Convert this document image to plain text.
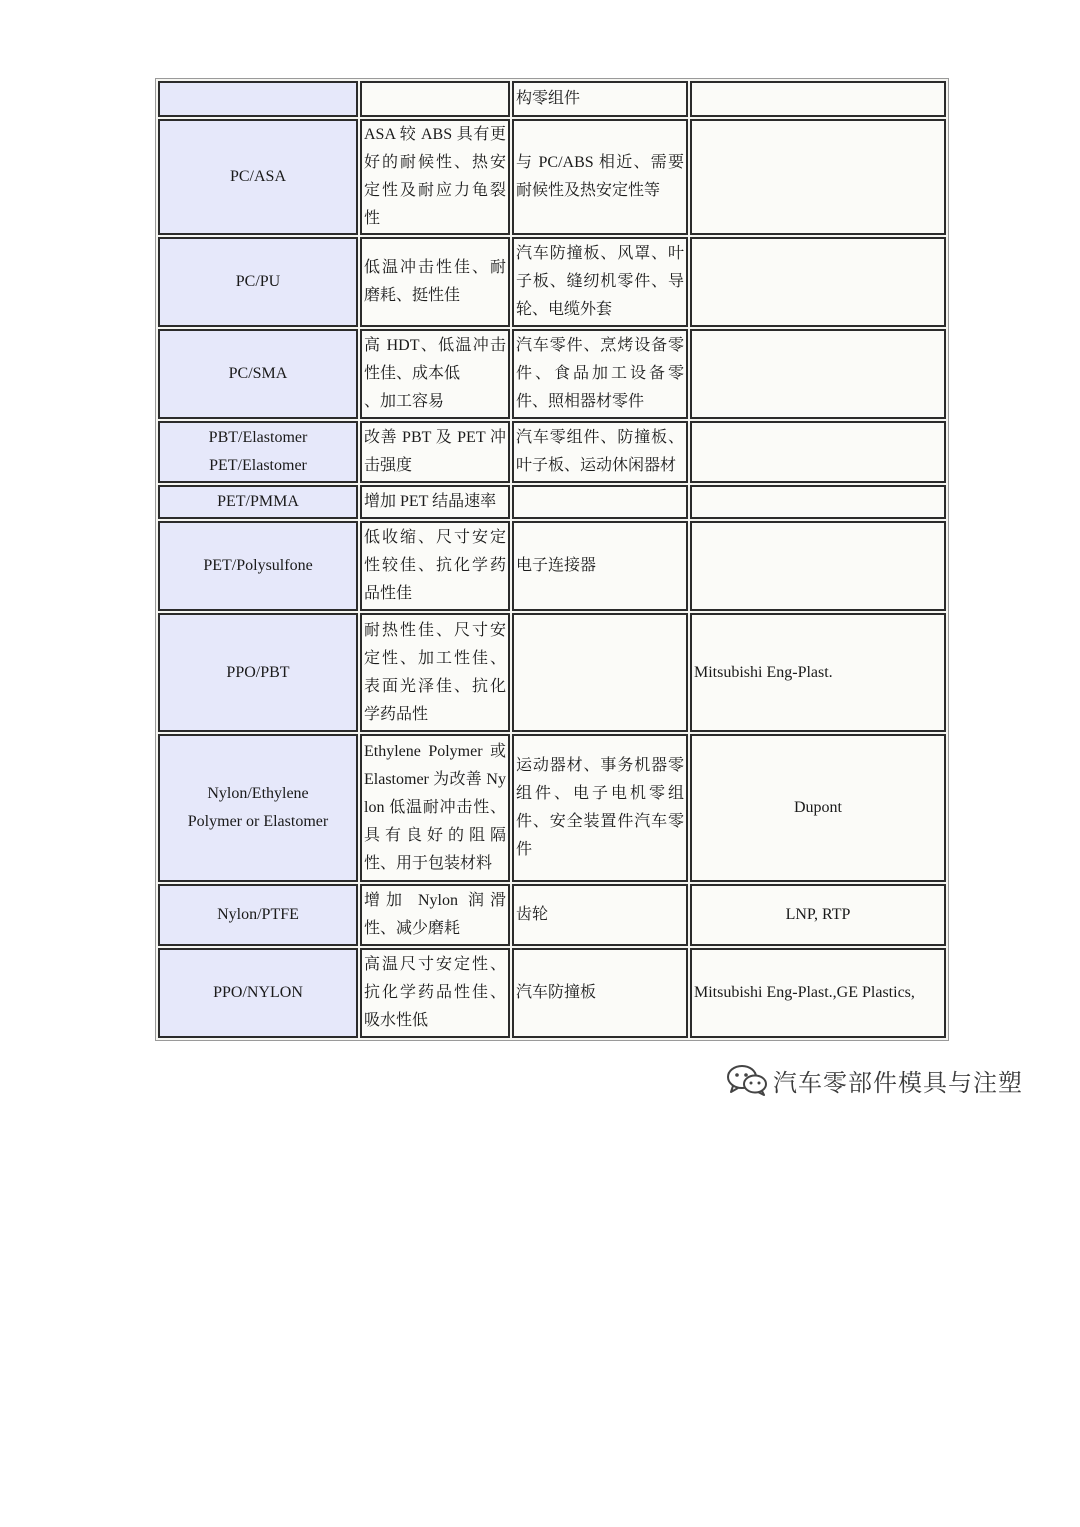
		构零组件	

PC/ASA	ASA 较 ABS 具有更好的耐候性、热安定性及耐应力龟裂性	与 PC/ABS 相近、需要耐候性及热安定性等	

PC/PU	低温冲击性佳、耐磨耗、挺性佳	汽车防撞板、风罩、叶子板、缝纫机零件、导轮、电缆外套	

PC/SMA	高 HDT、低温冲击性佳、成本低
、加工容易	汽车零件、烹烤设备零件、食品加工设备零件、照相器材零件	

PBT/Elastomer
PET/Elastomer	改善 PBT 及 PET 冲击强度	汽车零组件、防撞板、叶子板、运动休闲器材	

PET/PMMA	增加 PET 结晶速率		

PET/Polysulfone	低收缩、尺寸安定性较佳、抗化学药品性佳	电子连接器	

PPO/PBT	耐热性佳、尺寸安定性、加工性佳、表面光泽佳、抗化学药品性		Mitsubishi Eng-Plast.

Nylon/Ethylene
Polymer or Elastomer	Ethylene Polymer 或 Elastomer 为改善 Nylon 低温耐冲击性、具有良好的阻隔性、用于包装材料	运动器材、事务机器零组件、电子电机零组件、安全装置件汽车零件	Dupont

Nylon/PTFE	增加 Nylon 润滑性、减少磨耗	齿轮	LNP, RTP

PPO/NYLON	高温尺寸安定性、抗化学药品性佳、吸水性低	汽车防撞板	Mitsubishi Eng-Plast.,GE Plastics,
汽车零部件模具与注塑
